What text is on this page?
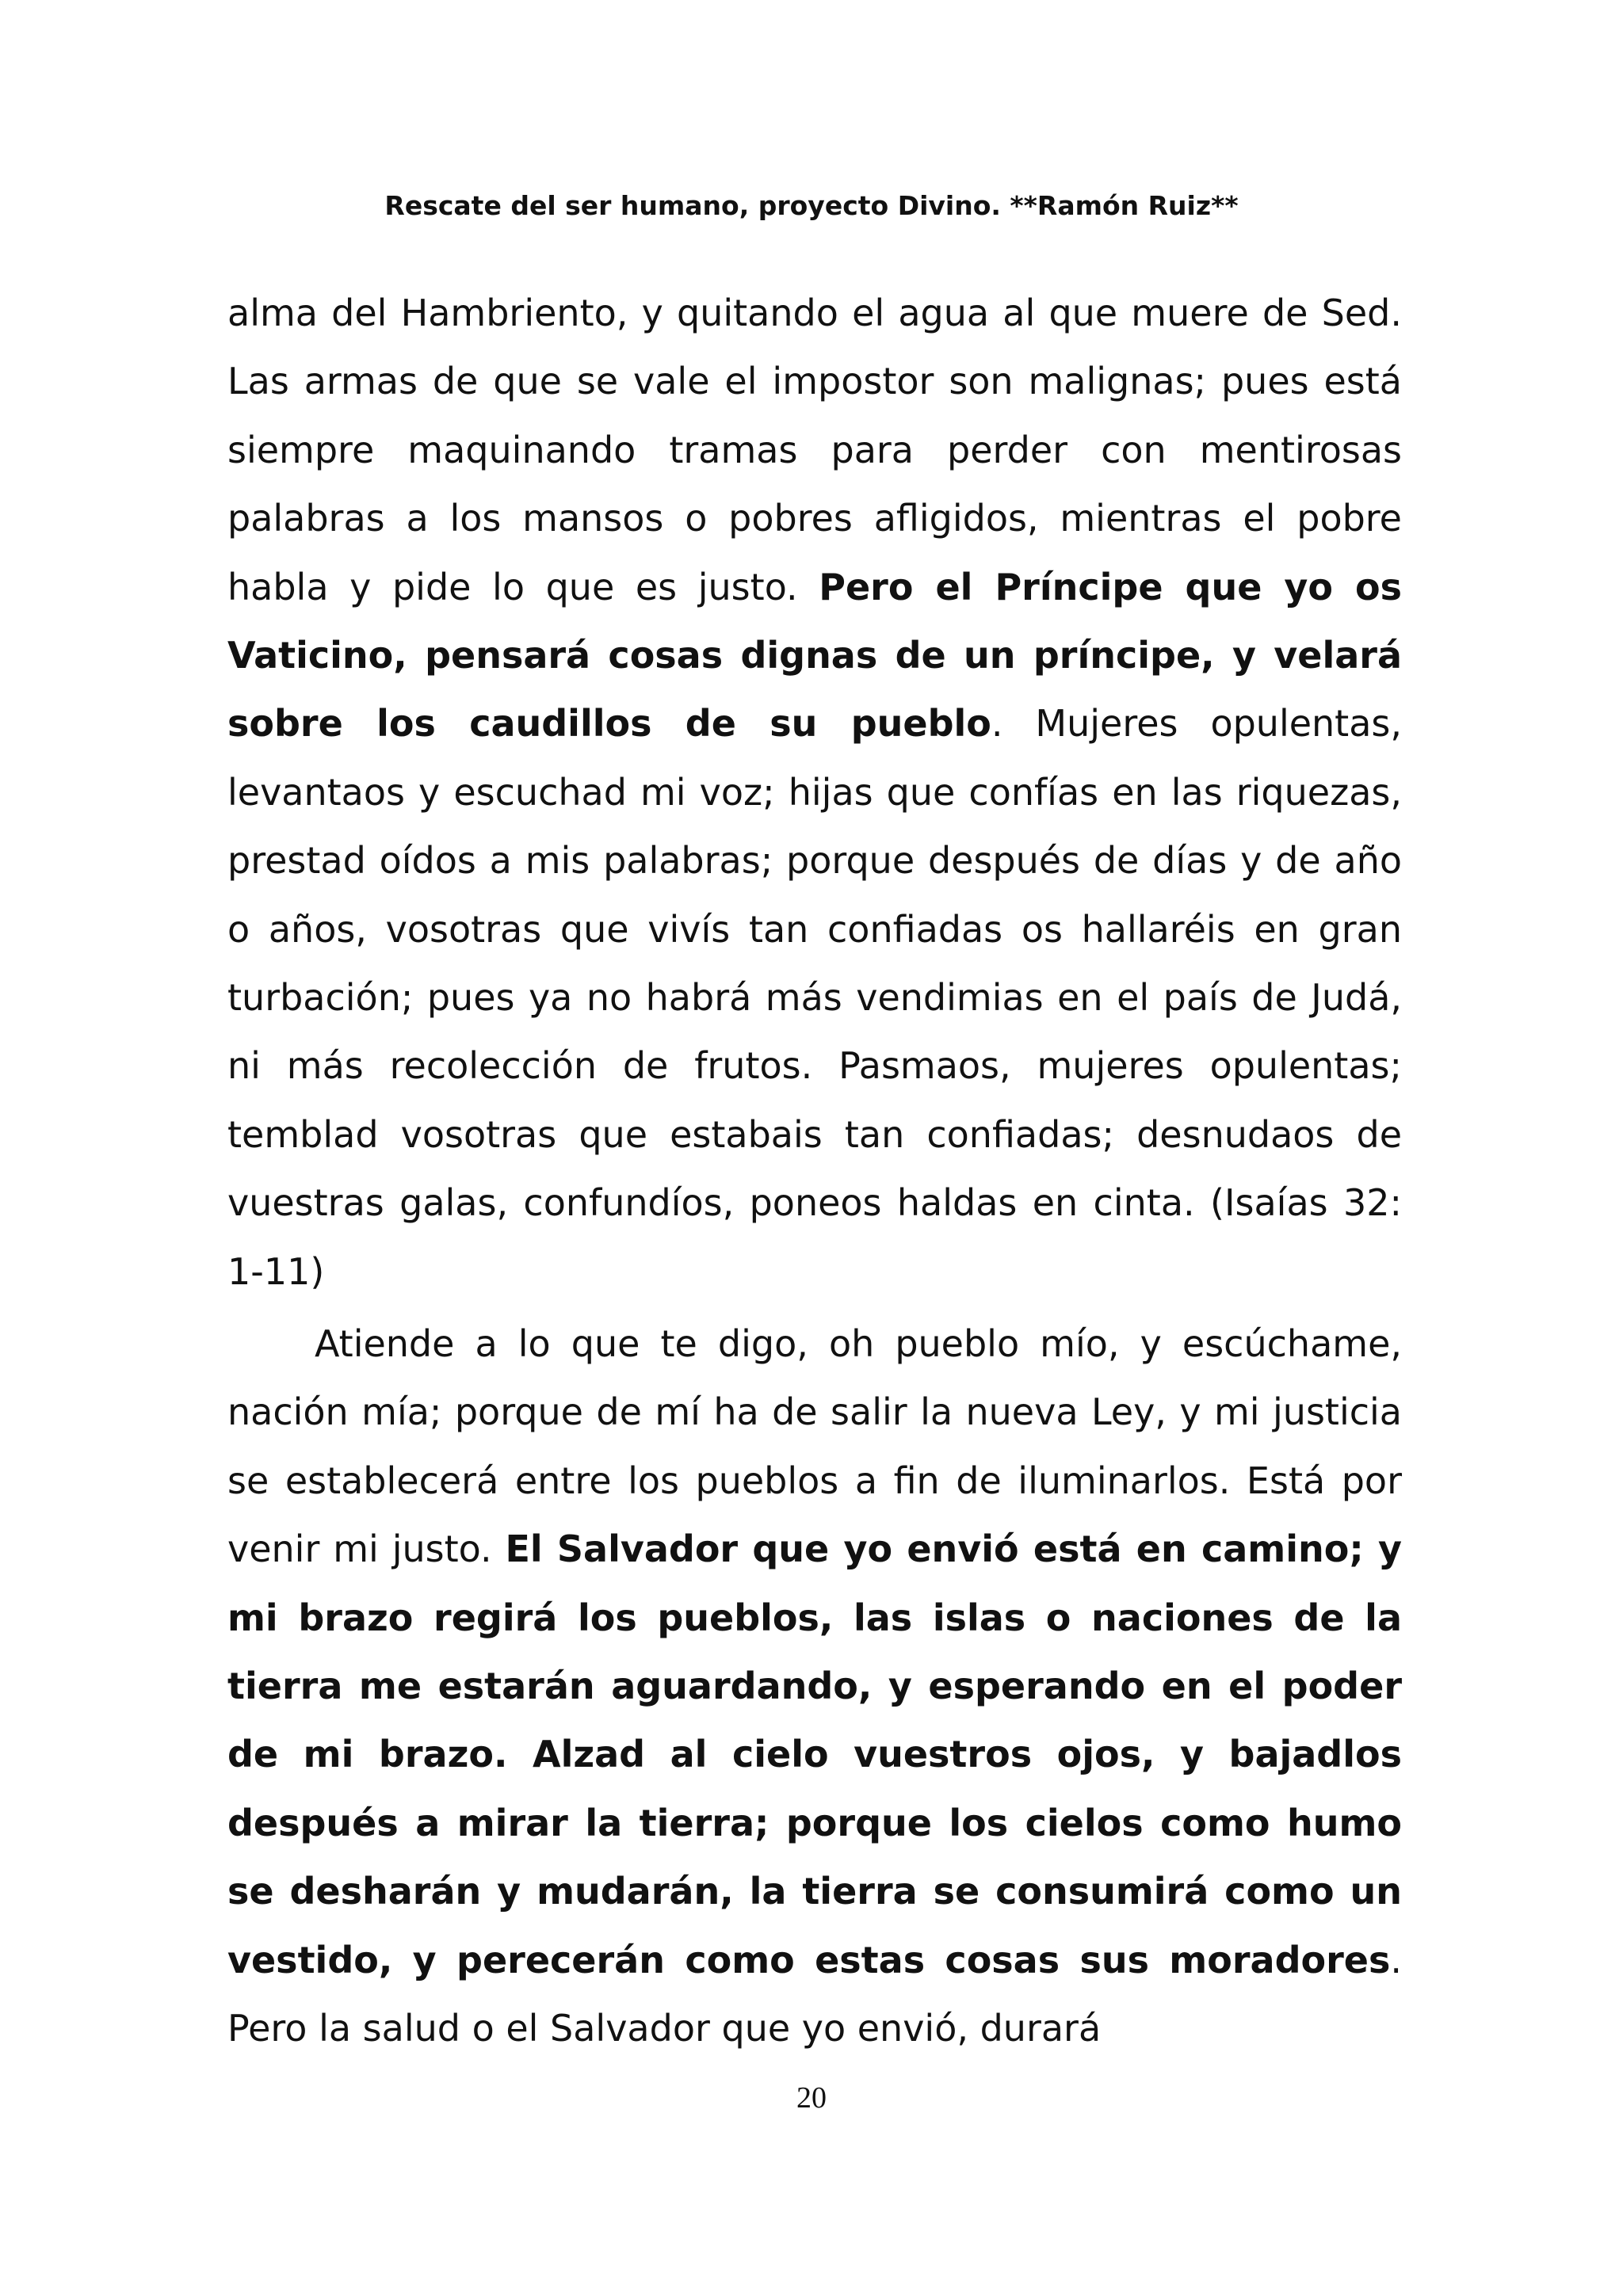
Rescate del ser humano, proyecto Divino. **Ramón Ruiz**
alma del Hambriento, y quitando el agua al que muere de Sed. Las armas de que se vale el impostor son malignas; pues está siempre maquinando tramas para perder con mentirosas palabras a los mansos o pobres afligidos, mientras el pobre habla y pide lo que es justo. Pero el Príncipe que yo os Vaticino, pensará cosas dignas de un príncipe, y velará sobre los caudillos de su pueblo. Mujeres opulentas, levantaos y escuchad mi voz; hijas que confías en las riquezas, prestad oídos a mis palabras; porque después de días y de año o años, vosotras que vivís tan confiadas os hallaréis en gran turbación; pues ya no habrá más vendimias en el país de Judá, ni más recolección de frutos. Pasmaos, mujeres opulentas; temblad vosotras que estabais tan confiadas; desnudaos de vuestras galas, confundíos, poneos haldas en cinta. (Isaías 32: 1-11)
Atiende a lo que te digo, oh pueblo mío, y escúchame, nación mía; porque de mí ha de salir la nueva Ley, y mi justicia se establecerá entre los pueblos a fin de iluminarlos. Está por venir mi justo. El Salvador que yo envió está en camino; y mi brazo regirá los pueblos, las islas o naciones de la tierra me estarán aguardando, y esperando en el poder de mi brazo. Alzad al cielo vuestros ojos, y bajadlos después a mirar la tierra; porque los cielos como humo se desharán y mudarán, la tierra se consumirá como un vestido, y perecerán como estas cosas sus moradores. Pero la salud o el Salvador que yo envió, durará
20
